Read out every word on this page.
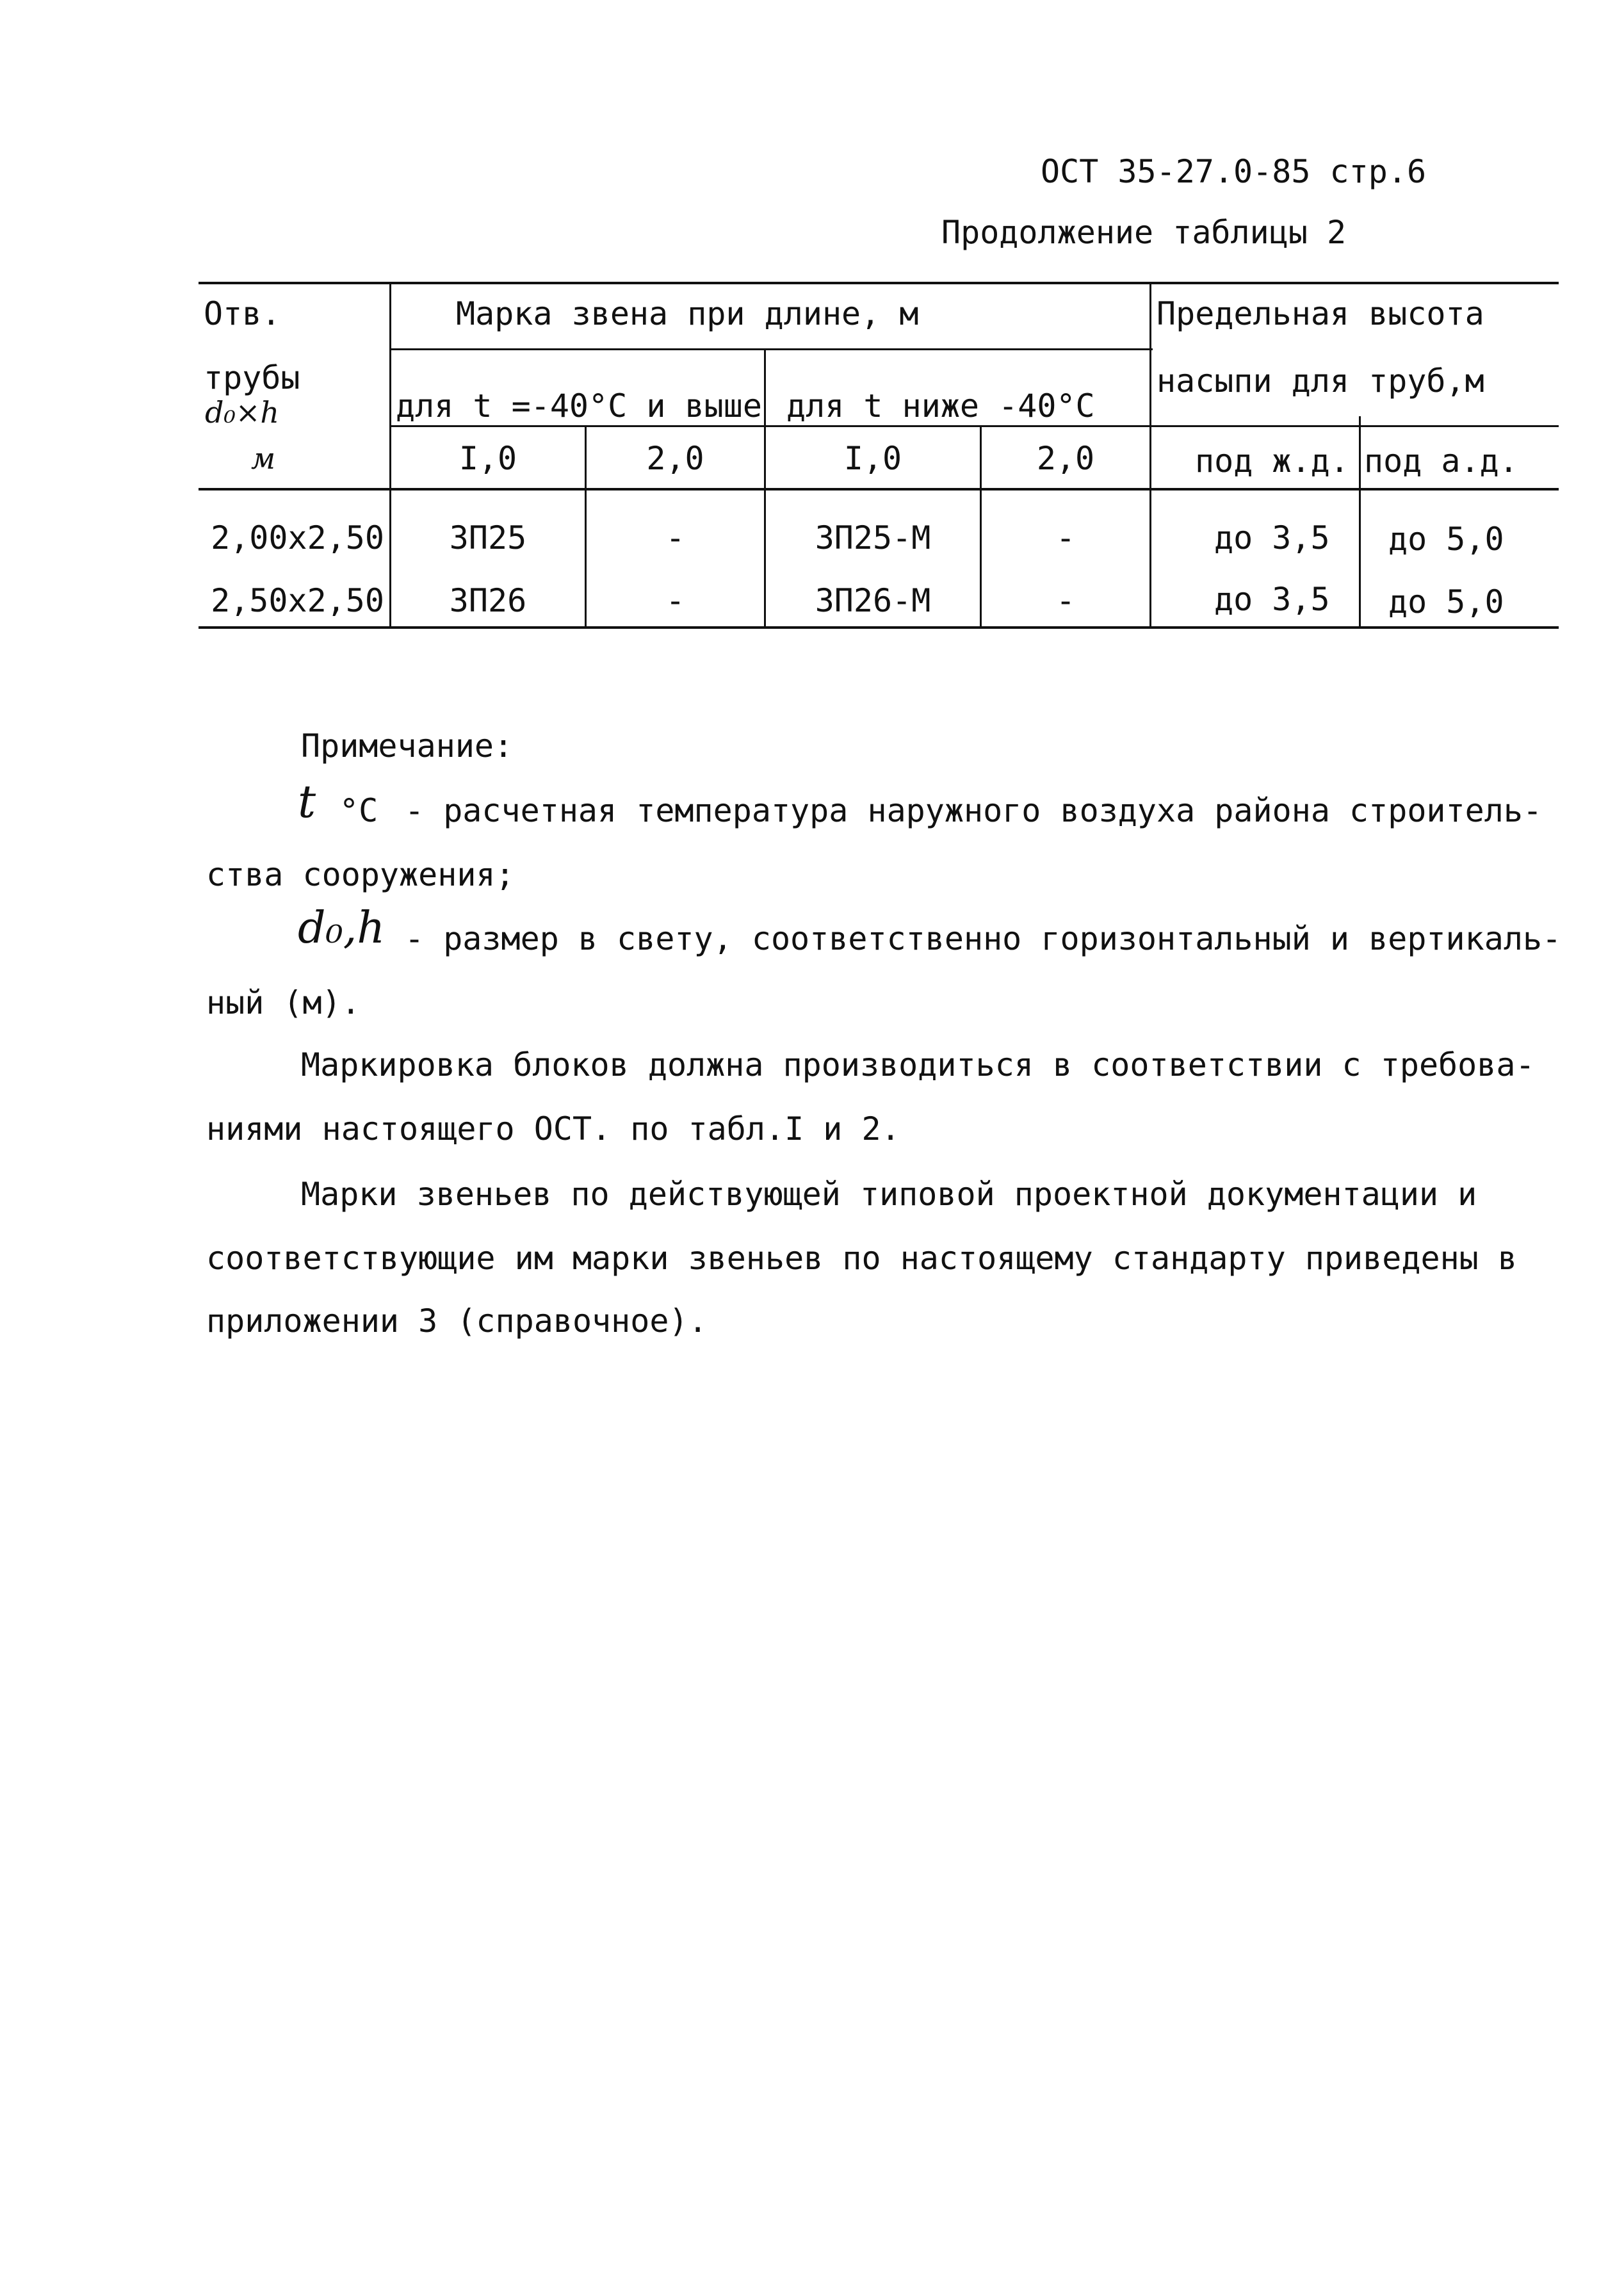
ОСТ 35-27.0-85 стр.6
Продолжение таблицы 2
Отв.
трубы
d₀×h
м
Марка звена при длине, м
для t =-40°С и выше для t ниже -40°С
Предельная высота
насыпи для труб,м
I,0	2,0	I,0	2,0	под ж.д. под а.д.
2,00x2,50	3П25	-	3П25-М	-	до 3,5 до 5,0
2,50x2,50	3П26	-	3П26-М	-	до 3,5 до 5,0
Примечание:
t °С - расчетная температура наружного воздуха района строитель-
ства сооружения;
d₀,h - размер в свету, соответственно горизонтальный и вертикаль-
ный (м).
Маркировка блоков должна производиться в соответствии с требова-
ниями настоящего ОСТ. по табл.I и 2.
Марки звеньев по действующей типовой проектной документации и
соответствующие им марки звеньев по настоящему стандарту приведены в
приложении 3 (справочное).
